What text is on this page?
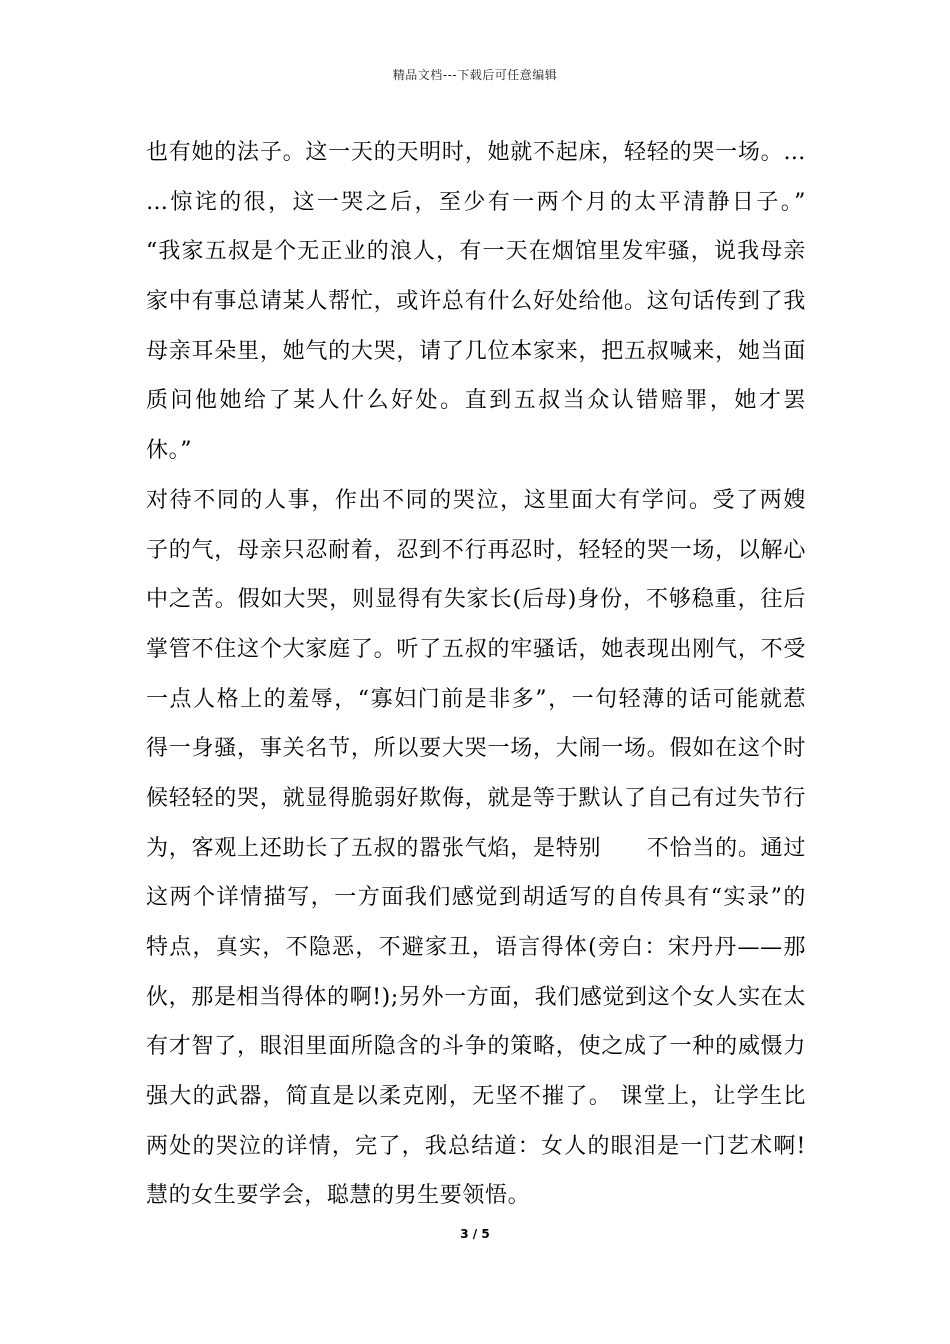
精品文档---下载后可任意编辑
也有她的法子。这一天的天明时，她就不起床，轻轻的哭一场。…
…惊诧的很，这一哭之后，至少有一两个月的太平清静日子。”
“我家五叔是个无正业的浪人，有一天在烟馆里发牢骚，说我母亲
家中有事总请某人帮忙，或许总有什么好处给他。这句话传到了我
母亲耳朵里，她气的大哭，请了几位本家来，把五叔喊来，她当面
质问他她给了某人什么好处。直到五叔当众认错赔罪，她才罢
休。”
对待不同的人事，作出不同的哭泣，这里面大有学问。受了两嫂
子的气，母亲只忍耐着，忍到不行再忍时，轻轻的哭一场，以解心
中之苦。假如大哭，则显得有失家长(后母)身份，不够稳重，往后
掌管不住这个大家庭了。听了五叔的牢骚话，她表现出刚气，不受
一点人格上的羞辱，“寡妇门前是非多”，一句轻薄的话可能就惹
得一身骚，事关名节，所以要大哭一场，大闹一场。假如在这个时
候轻轻的哭，就显得脆弱好欺侮，就是等于默认了自己有过失节行
为，客观上还助长了五叔的嚣张气焰，是特别　　不恰当的。通过
这两个详情描写，一方面我们感觉到胡适写的自传具有“实录”的
特点，真实，不隐恶，不避家丑，语言得体(旁白：宋丹丹——那
伙，那是相当得体的啊!);另外一方面，我们感觉到这个女人实在太
有才智了，眼泪里面所隐含的斗争的策略，使之成了一种的威慑力
强大的武器，简直是以柔克刚，无坚不摧了。 课堂上，让学生比
两处的哭泣的详情，完了，我总结道：女人的眼泪是一门艺术啊!
慧的女生要学会，聪慧的男生要领悟。
3 / 5
